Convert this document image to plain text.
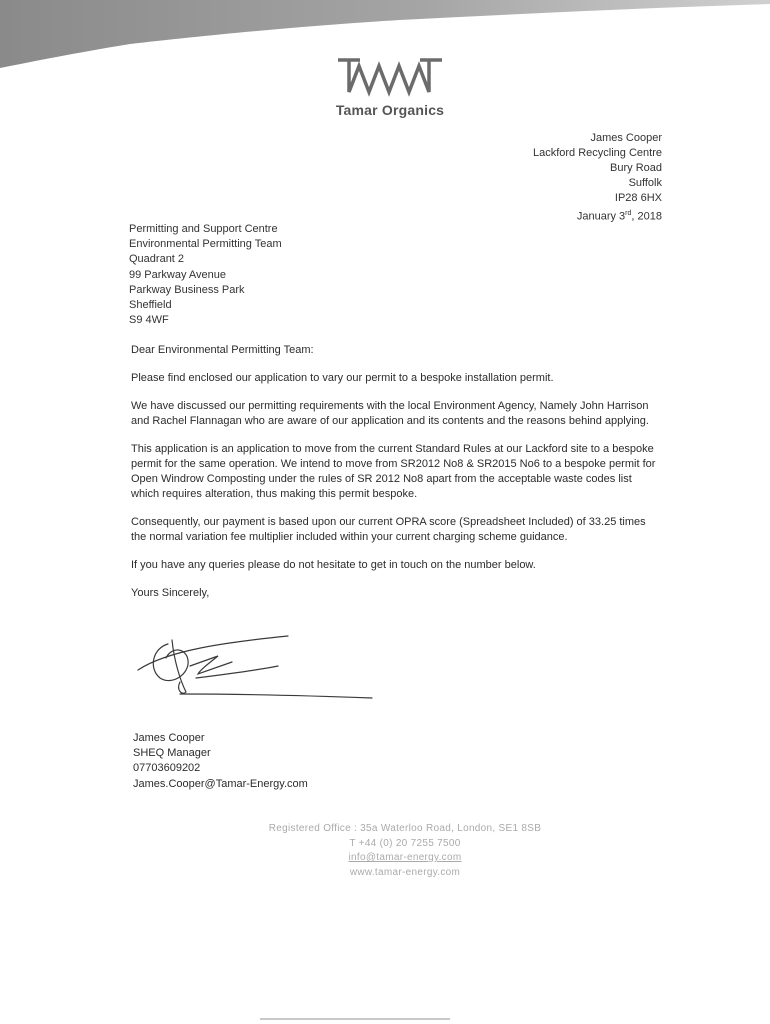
Tamar Organics
James Cooper
Lackford Recycling Centre
Bury Road
Suffolk
IP28 6HX
January 3rd, 2018
Permitting and Support Centre
Environmental Permitting Team
Quadrant 2
99 Parkway Avenue
Parkway Business Park
Sheffield
S9 4WF

Dear Environmental Permitting Team:

Please find enclosed our application to vary our permit to a bespoke installation permit.

We have discussed our permitting requirements with the local Environment Agency, Namely John Harrison and Rachel Flannagan who are aware of our application and its contents and the reasons behind applying.

This application is an application to move from the current Standard Rules at our Lackford site to a bespoke permit for the same operation. We intend to move from SR2012 No8 & SR2015 No6 to a bespoke permit for Open Windrow Composting under the rules of SR 2012 No8 apart from the acceptable waste codes list which requires alteration, thus making this permit bespoke.

Consequently, our payment is based upon our current OPRA score (Spreadsheet Included) of 33.25 times the normal variation fee multiplier included within your current charging scheme guidance.

If you have any queries please do not hesitate to get in touch on the number below.

Yours Sincerely,

James Cooper
SHEQ Manager
07703609202
James.Cooper@Tamar-Energy.com
Registered Office : 35a Waterloo Road, London, SE1 8SB
T +44 (0) 20 7255 7500
info@tamar-energy.com
www.tamar-energy.com
